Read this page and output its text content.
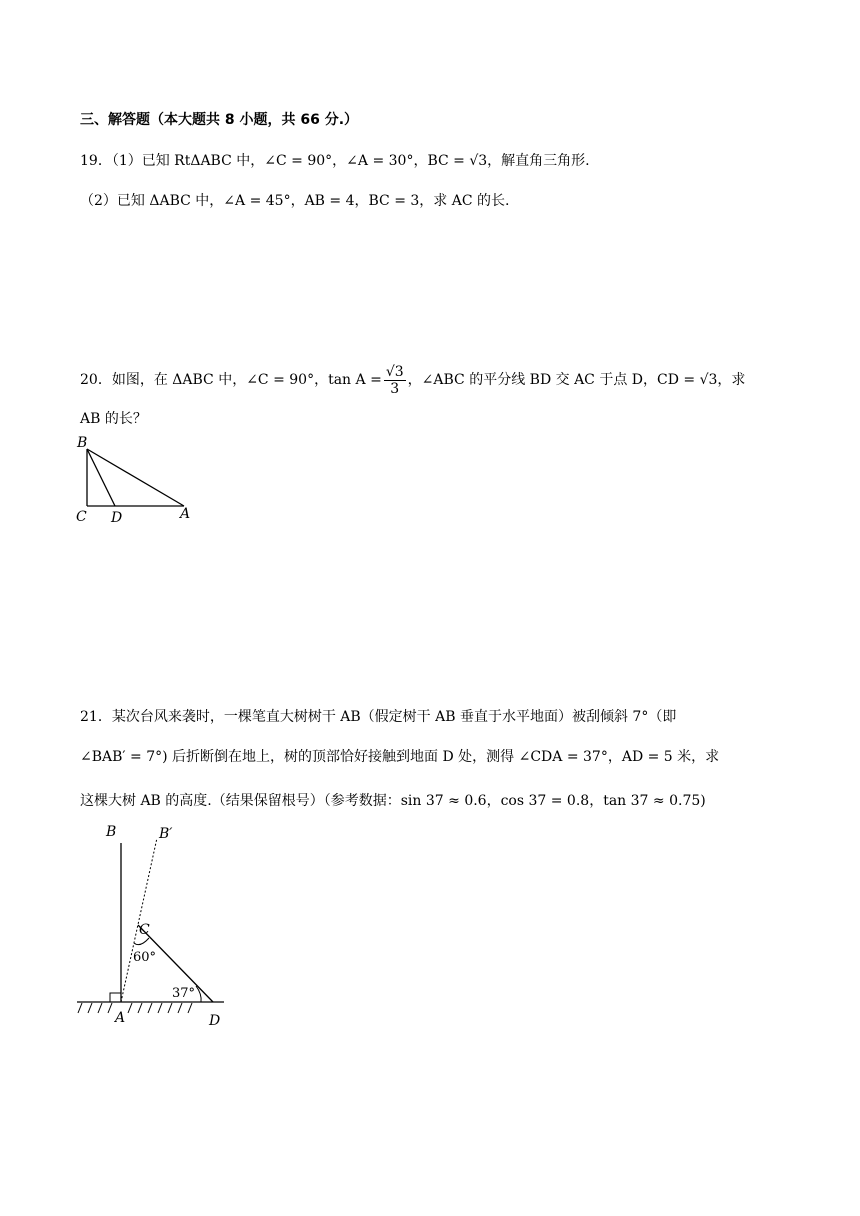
三、解答题（本大题共 8 小题，共 66 分.）
19．（1）已知 RtΔABC 中，∠C = 90°，∠A = 30°，BC = √3，解直角三角形.
（2）已知 ΔABC 中，∠A = 45°，AB = 4，BC = 3，求 AC 的长.
20．如图，在 ΔABC 中，∠C = 90°，$\tan A = \frac{√3}{3}$ ，∠ABC 的平分线 BD 交 AC 于点 D，CD = √3，求
AB 的长？
B
C D	A
21．某次台风来袭时，一棵笔直大树树干 AB（假定树干 AB 垂直于水平地面）被刮倾斜 7°（即
∠BAB′ = 7°) 后折断倒在地上，树的顶部恰好接触到地面 D 处，测得 ∠CDA = 37°，AD = 5 米，求
这棵大树 AB 的高度.（结果保留根号）（参考数据：sin 37 ≈ 0.6，cos 37 = 0.8，tan 37 ≈ 0.75)
B	B′
C
60°
37°
A	D
